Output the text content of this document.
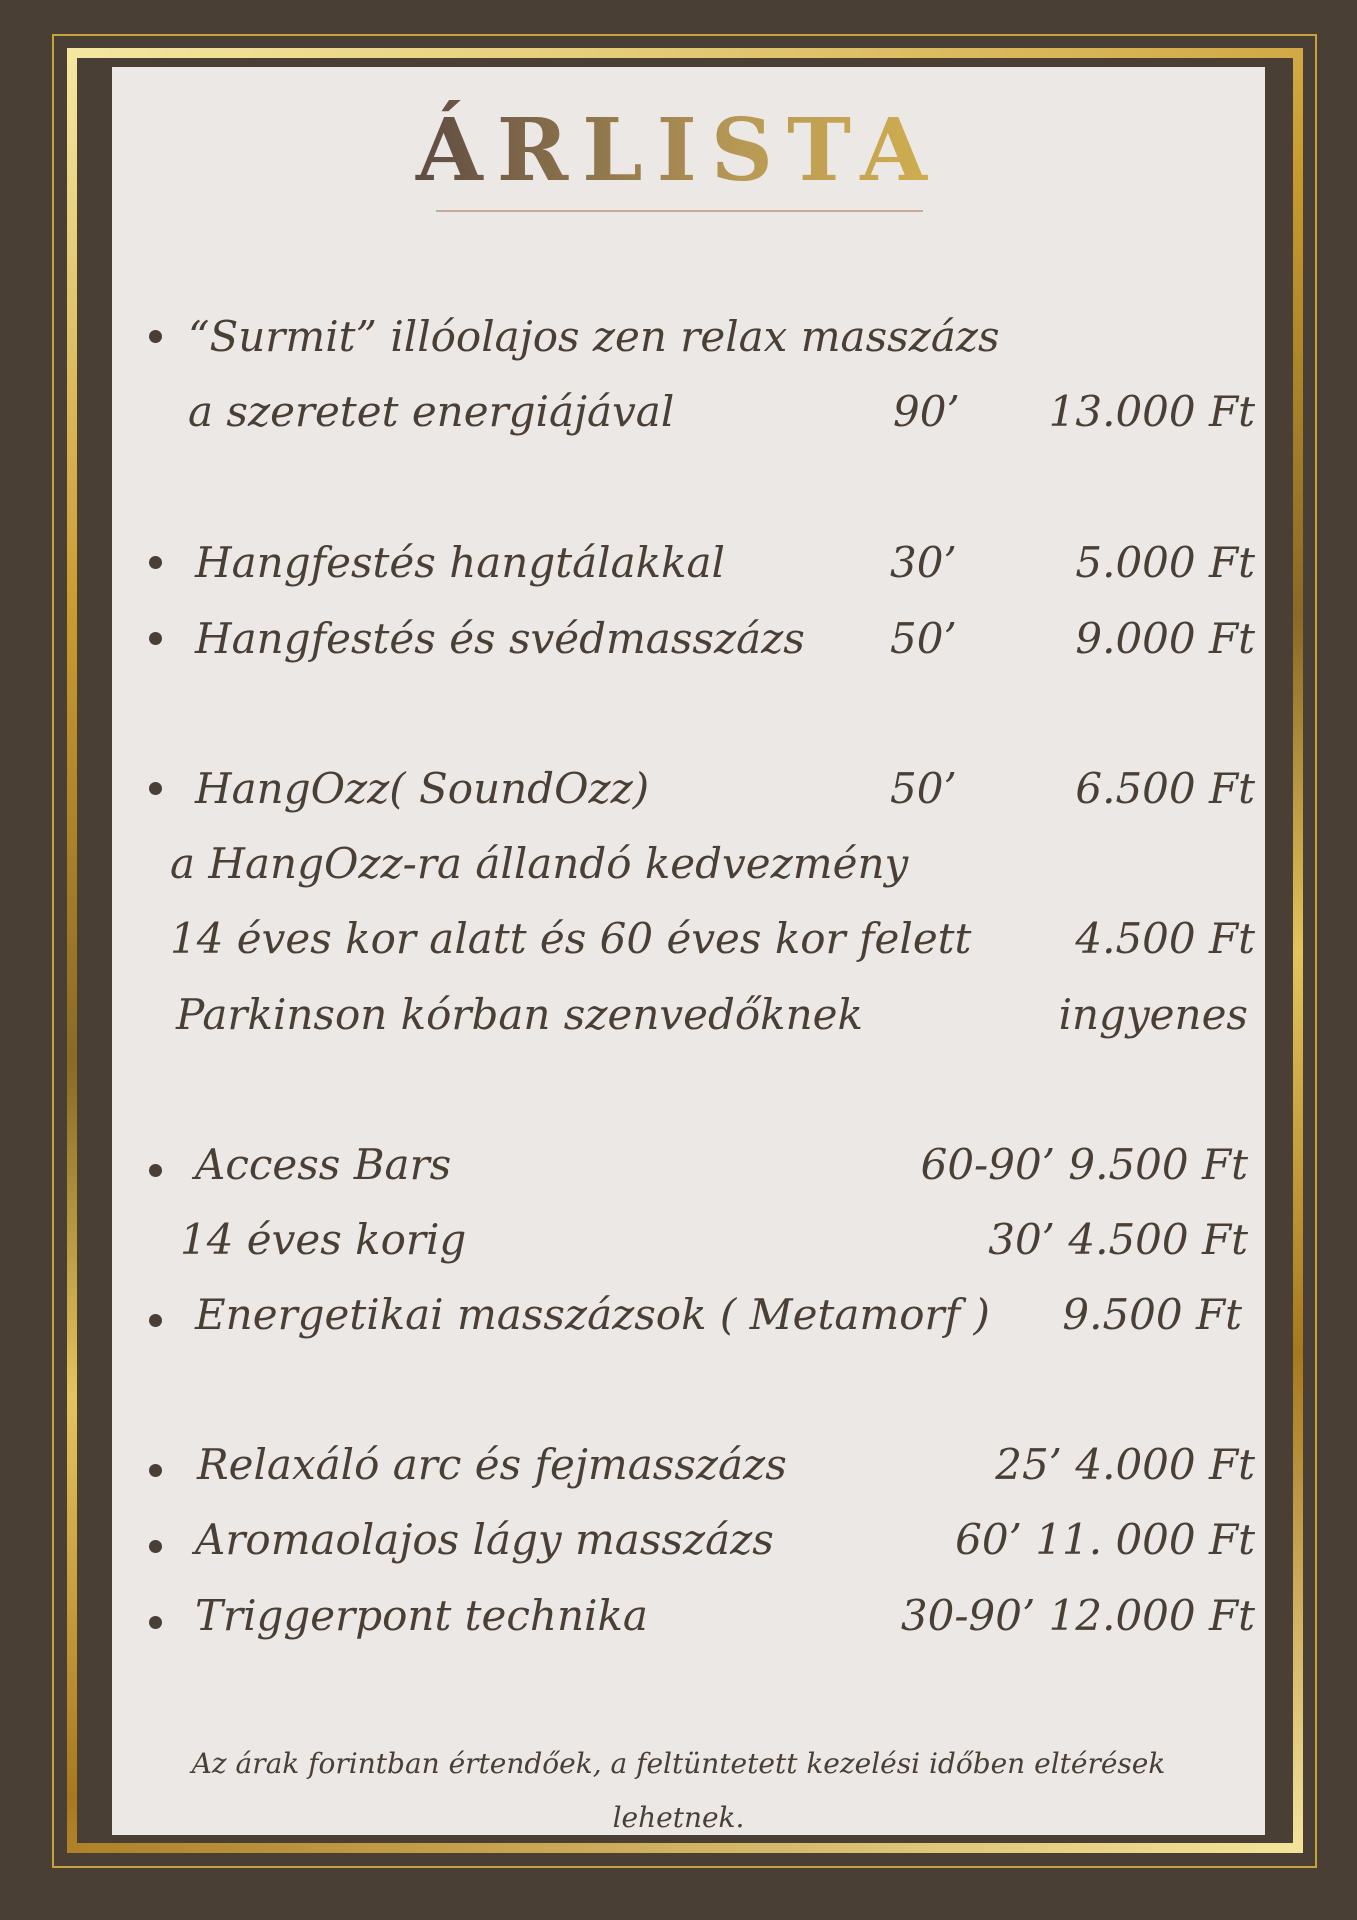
ÁRLISTA
“Surmit” illóolajos zen relax masszázs
a szeretet energiájával	90’	13.000 Ft
Hangfestés hangtálakkal	30’	5.000 Ft
Hangfestés és svédmasszázs 50’	9.000 Ft
HangOzz( SoundOzz)	50’	6.500 Ft
a HangOzz-ra állandó kedvezmény
14 éves kor alatt és 60 éves kor felett	4.500 Ft
Parkinson kórban szenvedőknek	ingyenes
Access Bars	60-90’ 9.500 Ft
14 éves korig	30’ 4.500 Ft
Energetikai masszázsok ( Metamorf )	9.500 Ft
Relaxáló arc és fejmasszázs	25’ 4.000 Ft
Aromaolajos lágy masszázs	60’ 11. 000 Ft
Triggerpont technika	30-90’ 12.000 Ft
Az árak forintban értendőek, a feltüntetett kezelési időben eltérések lehetnek.
